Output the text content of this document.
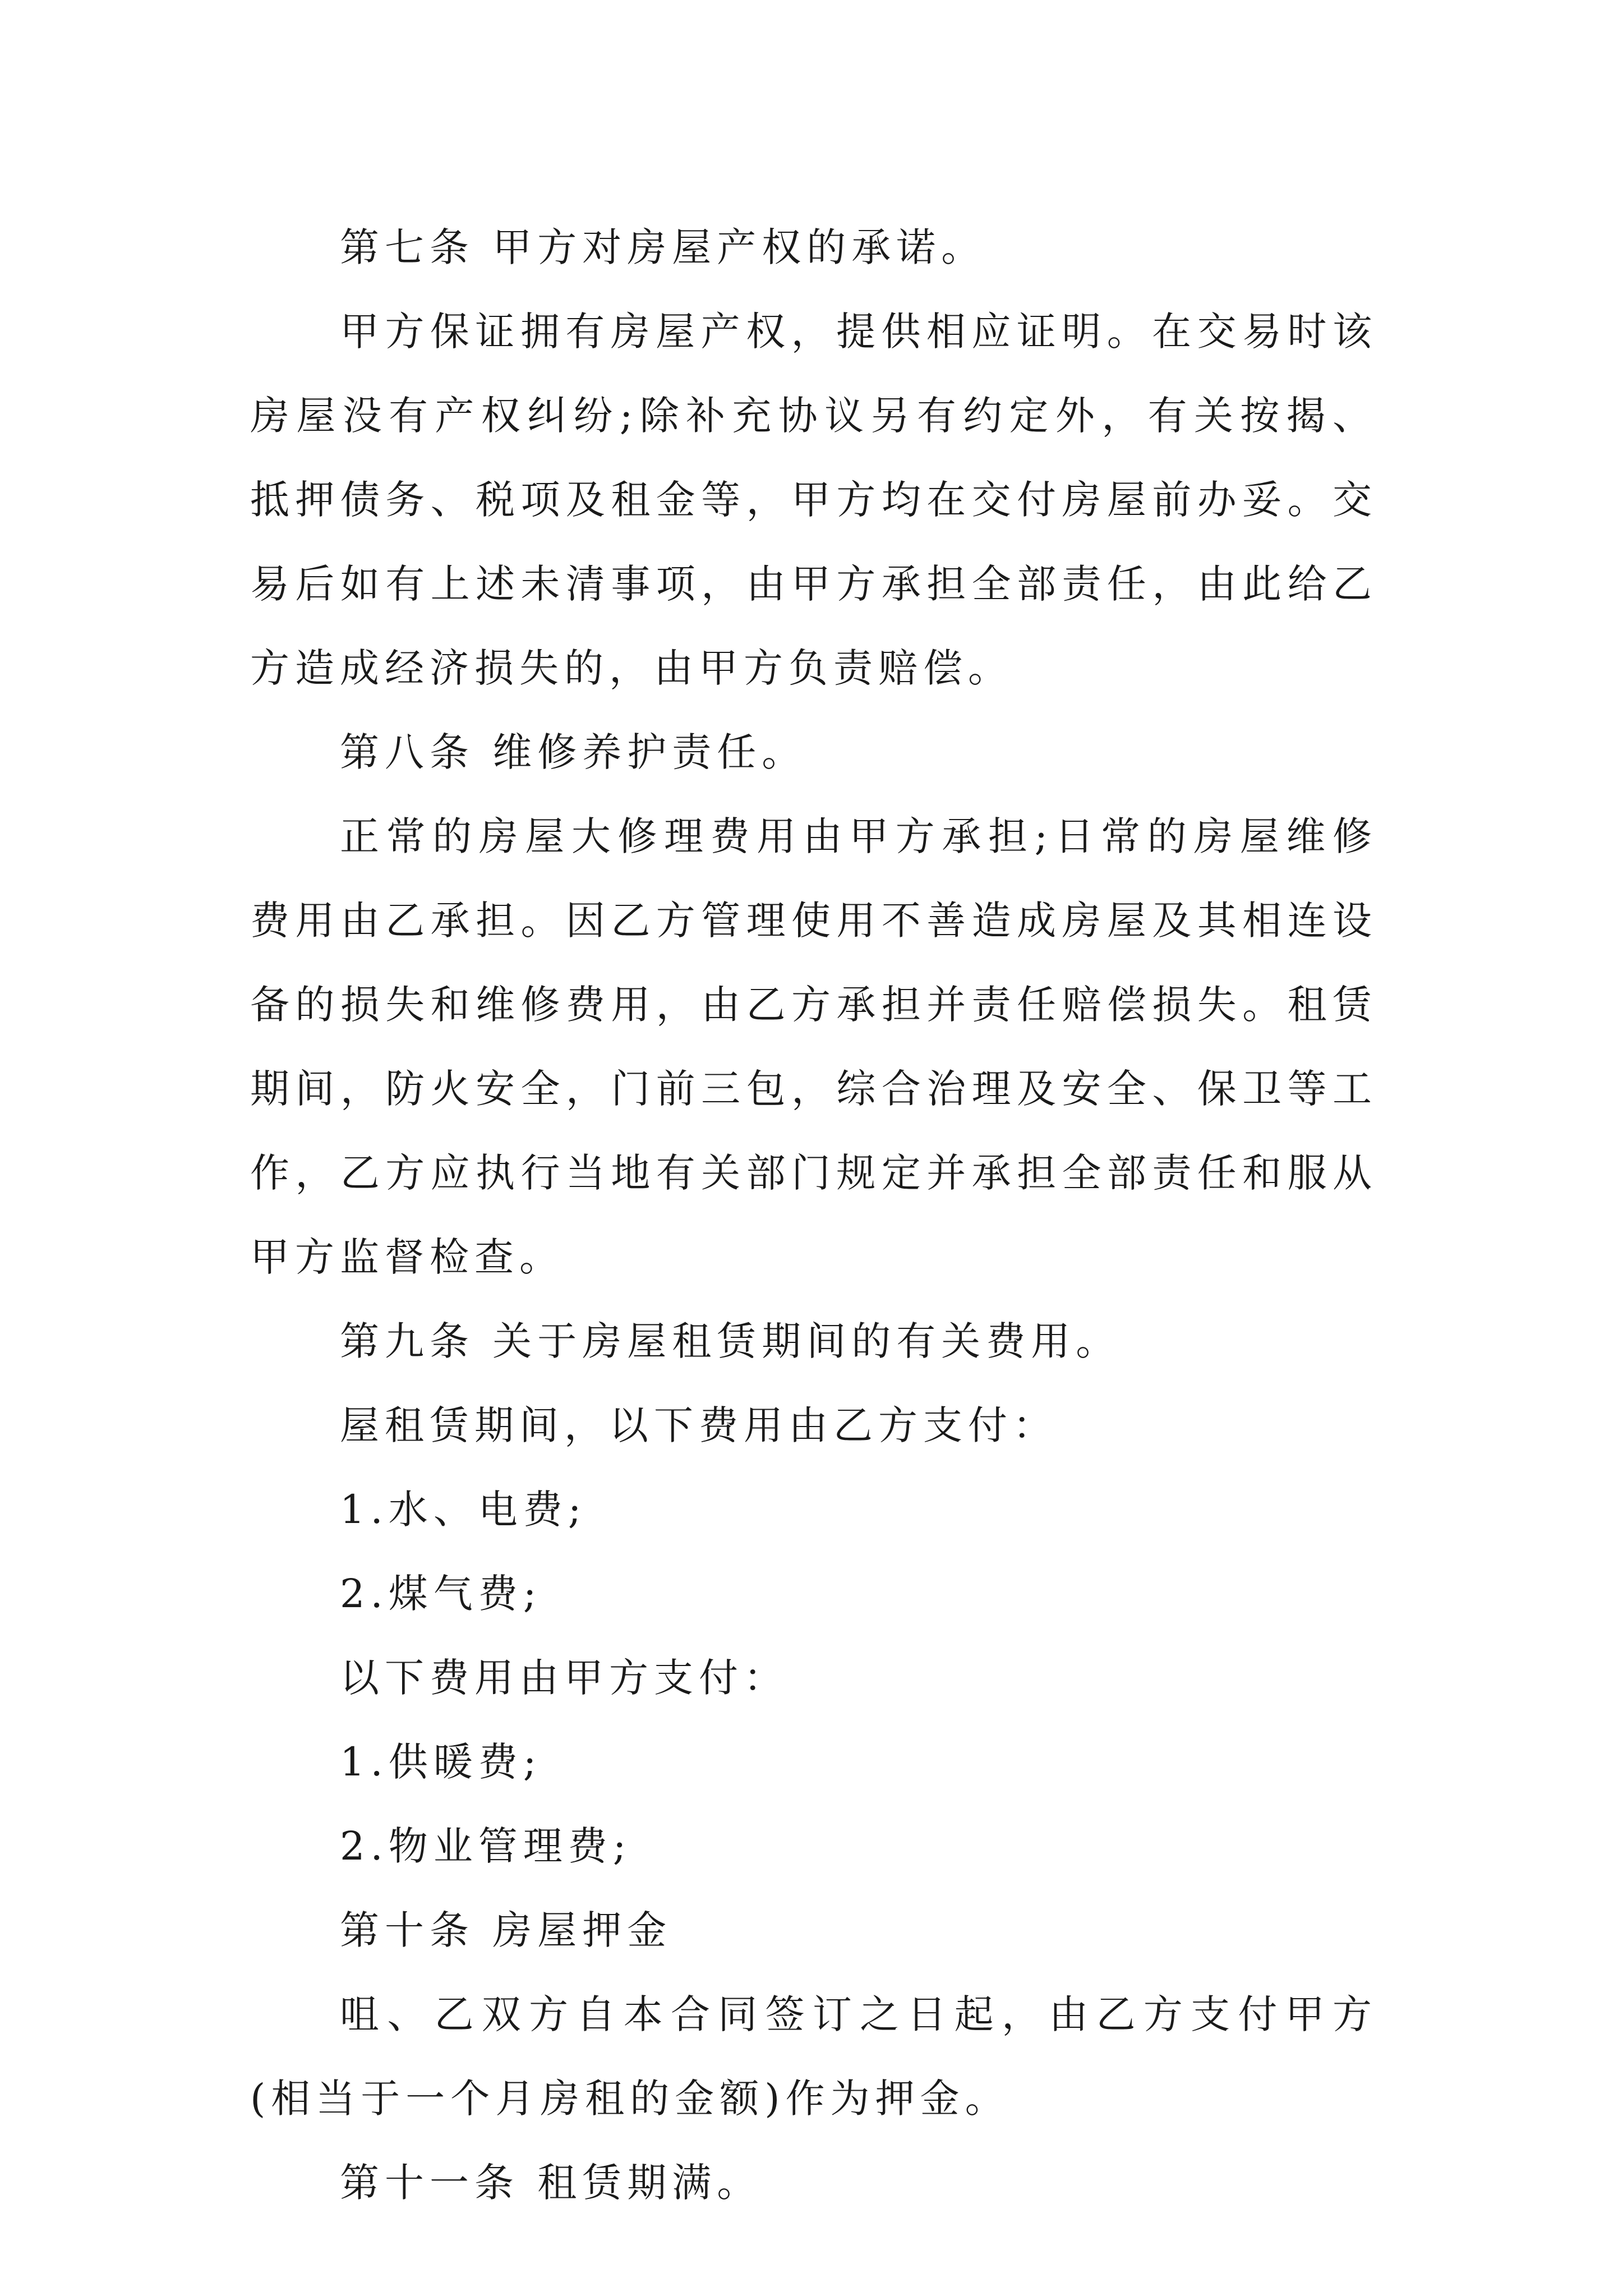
第七条 甲方对房屋产权的承诺。

甲方保证拥有房屋产权，提供相应证明。在交易时该房屋没有产权纠纷;除补充协议另有约定外，有关按揭、抵押债务、税项及租金等，甲方均在交付房屋前办妥。交易后如有上述未清事项，由甲方承担全部责任，由此给乙方造成经济损失的，由甲方负责赔偿。

第八条 维修养护责任。

正常的房屋大修理费用由甲方承担;日常的房屋维修费用由乙承担。因乙方管理使用不善造成房屋及其相连设备的损失和维修费用，由乙方承担并责任赔偿损失。租赁期间，防火安全，门前三包，综合治理及安全、保卫等工作，乙方应执行当地有关部门规定并承担全部责任和服从甲方监督检查。

第九条 关于房屋租赁期间的有关费用。

屋租赁期间，以下费用由乙方支付：

1.水、电费;

2.煤气费;

以下费用由甲方支付：

1.供暖费;

2.物业管理费;

第十条 房屋押金

咀、乙双方自本合同签订之日起，由乙方支付甲方(相当于一个月房租的金额)作为押金。

第十一条 租赁期满。
